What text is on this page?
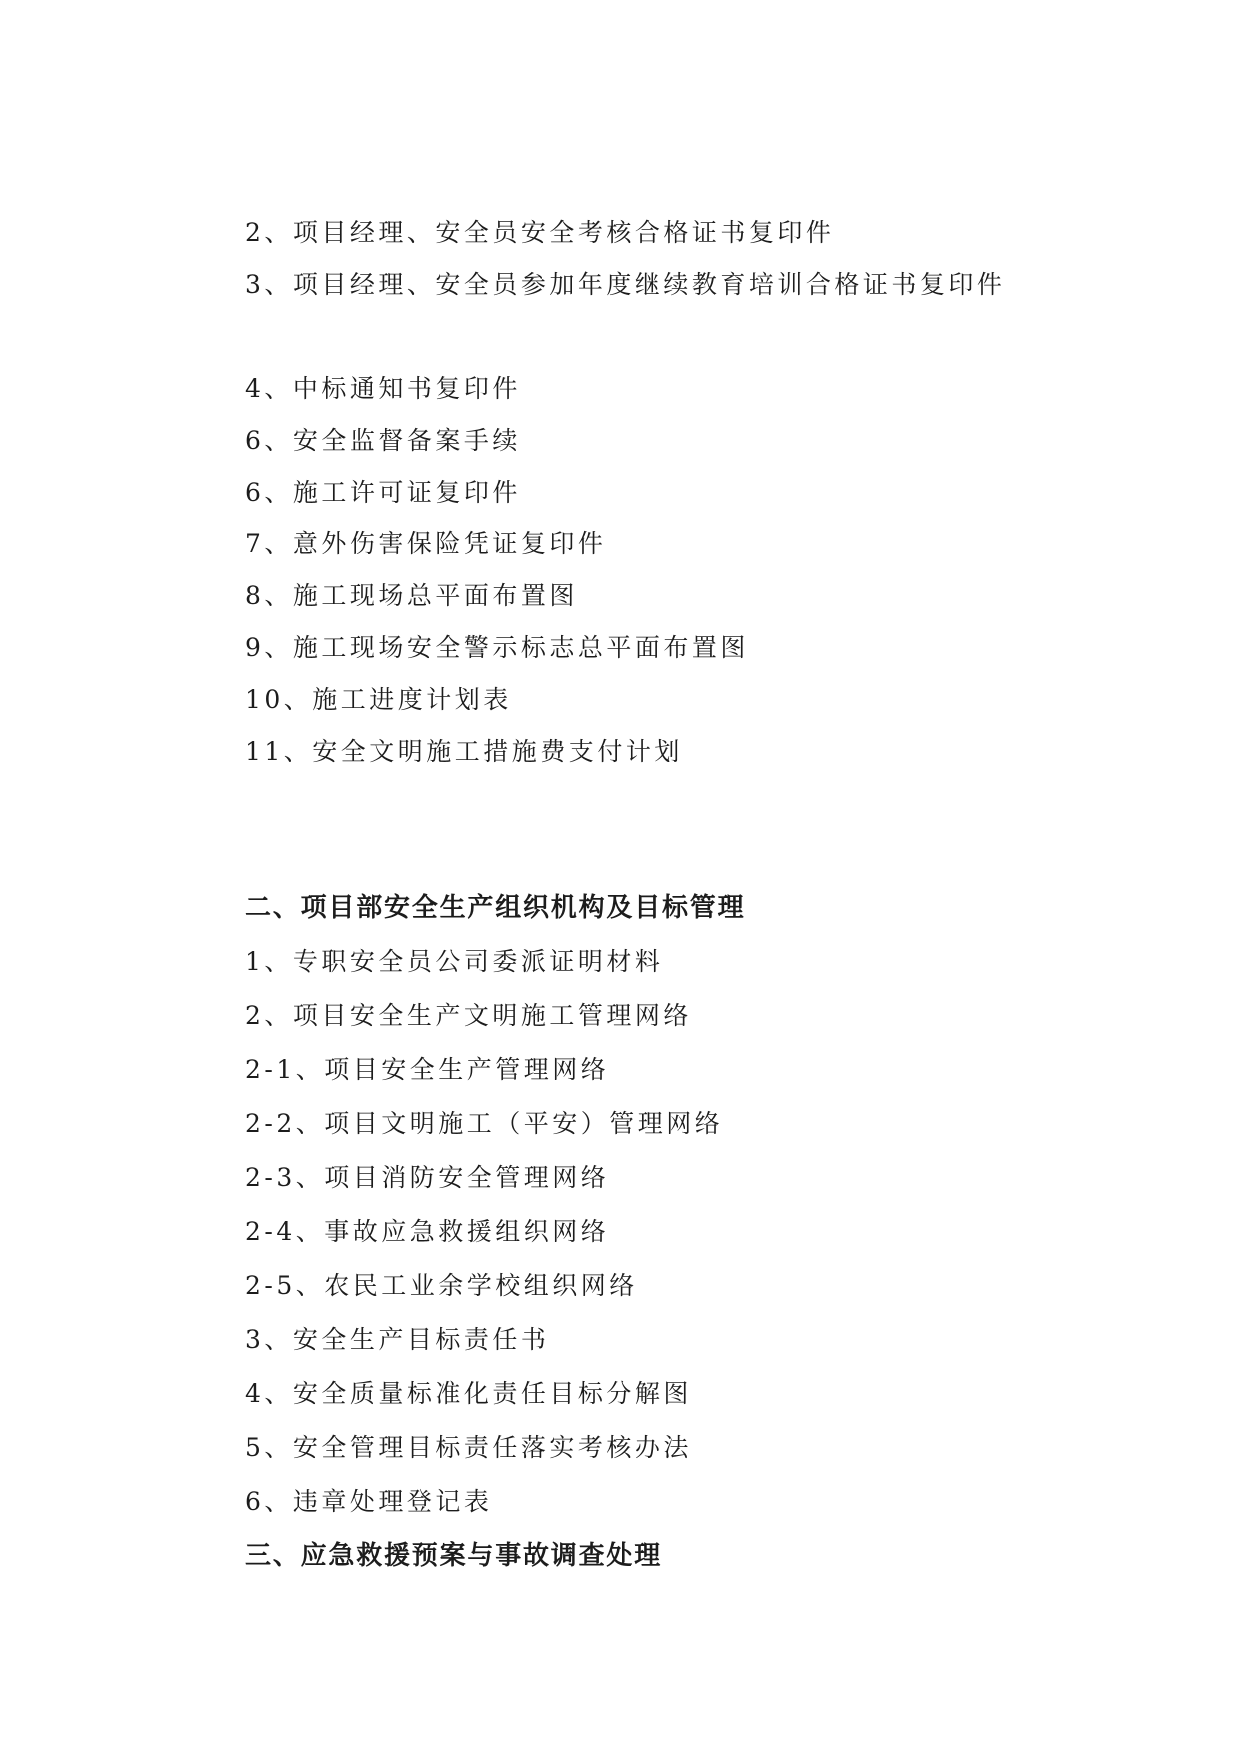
2、项目经理、安全员安全考核合格证书复印件
3、项目经理、安全员参加年度继续教育培训合格证书复印件
4、中标通知书复印件
6、安全监督备案手续
6、施工许可证复印件
7、意外伤害保险凭证复印件
8、施工现场总平面布置图
9、施工现场安全警示标志总平面布置图
10、施工进度计划表
11、安全文明施工措施费支付计划
二、项目部安全生产组织机构及目标管理
1、专职安全员公司委派证明材料
2、项目安全生产文明施工管理网络
2-1、项目安全生产管理网络
2-2、项目文明施工（平安）管理网络
2-3、项目消防安全管理网络
2-4、事故应急救援组织网络
2-5、农民工业余学校组织网络
3、安全生产目标责任书
4、安全质量标准化责任目标分解图
5、安全管理目标责任落实考核办法
6、违章处理登记表
三、应急救援预案与事故调查处理
